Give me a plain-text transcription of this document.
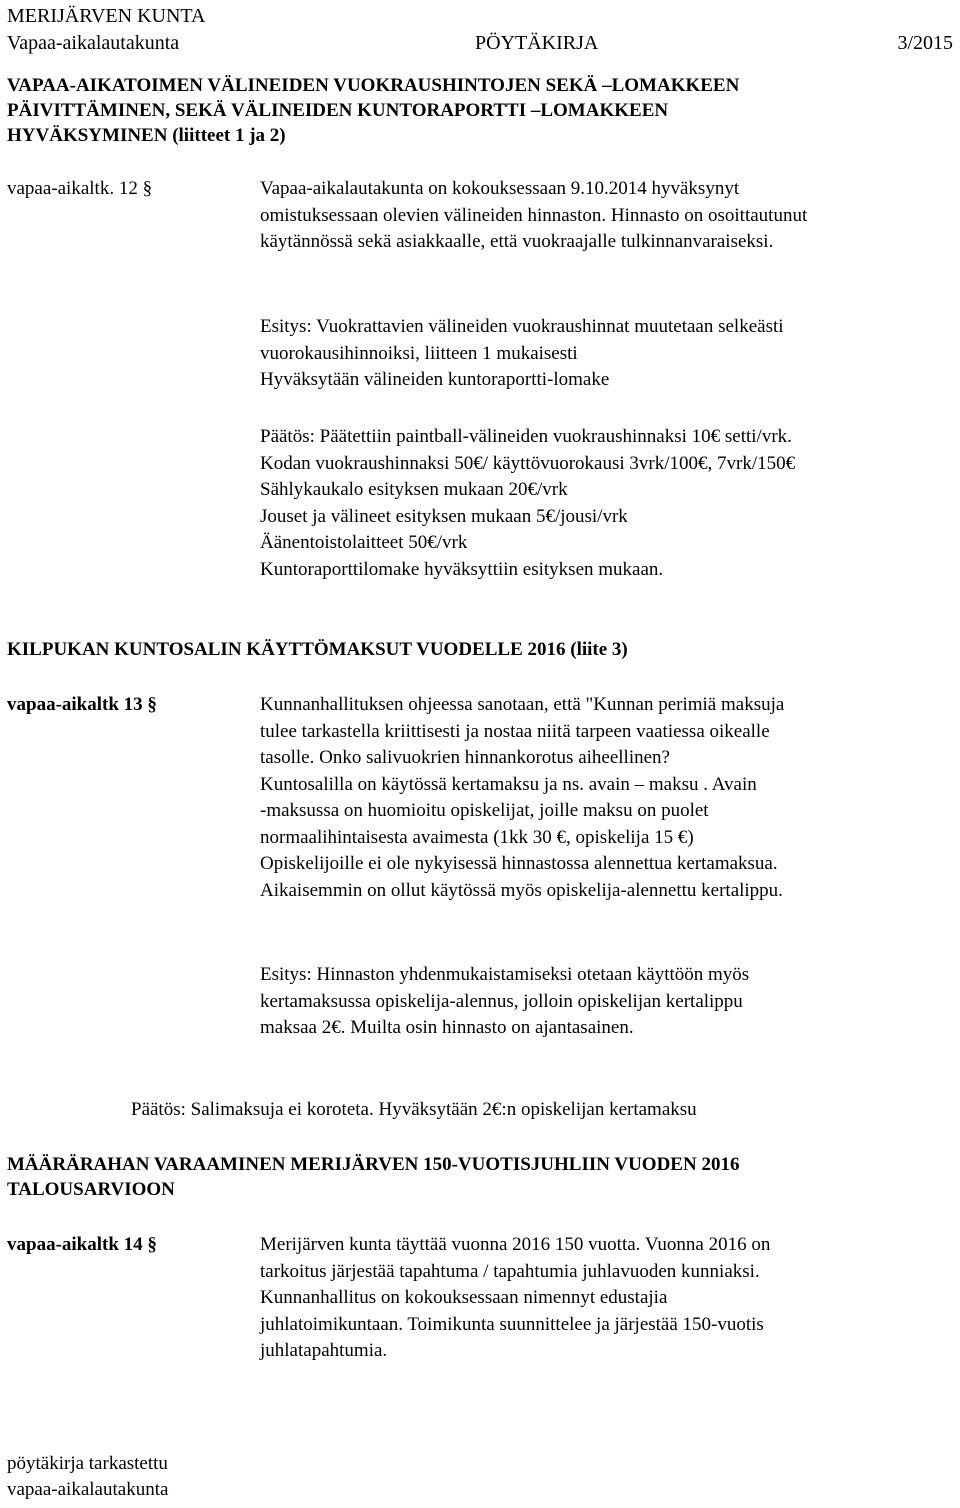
MERIJÄRVEN KUNTA
Vapaa-aikalautakunta	PÖYTÄKIRJA	3/2015
VAPAA-AIKATOIMEN VÄLINEIDEN VUOKRAUSHINTOJEN SEKÄ –LOMAKKEEN
PÄIVITTÄMINEN, SEKÄ VÄLINEIDEN KUNTORAPORTTI –LOMAKKEEN
HYVÄKSYMINEN (liitteet 1 ja 2)
vapaa-aikaltk. 12 §	Vapaa-aikalautakunta on kokouksessaan 9.10.2014 hyväksynyt
omistuksessaan olevien välineiden hinnaston. Hinnasto on osoittautunut
käytännössä sekä asiakkaalle, että vuokraajalle tulkinnanvaraiseksi.
Esitys: Vuokrattavien välineiden vuokraushinnat muutetaan selkeästi
vuorokausihinnoiksi, liitteen 1 mukaisesti
Hyväksytään välineiden kuntoraportti-lomake
Päätös: Päätettiin paintball-välineiden vuokraushinnaksi 10€ setti/vrk.
Kodan vuokraushinnaksi 50€/ käyttövuorokausi 3vrk/100€, 7vrk/150€
Sählykaukalo esityksen mukaan 20€/vrk
Jouset ja välineet esityksen mukaan 5€/jousi/vrk
Äänentoistolaitteet 50€/vrk
Kuntoraporttilomake hyväksyttiin esityksen mukaan.
KILPUKAN KUNTOSALIN KÄYTTÖMAKSUT VUODELLE 2016 (liite 3)
vapaa-aikaltk 13 §	Kunnanhallituksen ohjeessa sanotaan, että "Kunnan perimiä maksuja
tulee tarkastella kriittisesti ja nostaa niitä tarpeen vaatiessa oikealle
tasolle. Onko salivuokrien hinnankorotus aiheellinen?
Kuntosalilla on käytössä kertamaksu ja ns. avain – maksu . Avain
-maksussa on huomioitu opiskelijat, joille maksu on puolet
normaalihintaisesta avaimesta (1kk 30 €, opiskelija 15 €)
Opiskelijoille ei ole nykyisessä hinnastossa alennettua kertamaksua.
Aikaisemmin on ollut käytössä myös opiskelija-alennettu kertalippu.
Esitys: Hinnaston yhdenmukaistamiseksi otetaan käyttöön myös
kertamaksussa opiskelija-alennus, jolloin opiskelijan kertalippu
maksaa 2€. Muilta osin hinnasto on ajantasainen.
Päätös: Salimaksuja ei koroteta. Hyväksytään 2€:n opiskelijan kertamaksu
MÄÄRÄRAHAN VARAAMINEN MERIJÄRVEN 150-VUOTISJUHLIIN VUODEN 2016
TALOUSARVIOON
vapaa-aikaltk 14 §	Merijärven kunta täyttää vuonna 2016 150 vuotta. Vuonna 2016 on
tarkoitus järjestää tapahtuma / tapahtumia juhlavuoden kunniaksi.
Kunnanhallitus on kokouksessaan nimennyt edustajia
juhlatoimikuntaan. Toimikunta suunnittelee ja järjestää 150-vuotis
juhlatapahtumia.
pöytäkirja tarkastettu
vapaa-aikalautakunta
